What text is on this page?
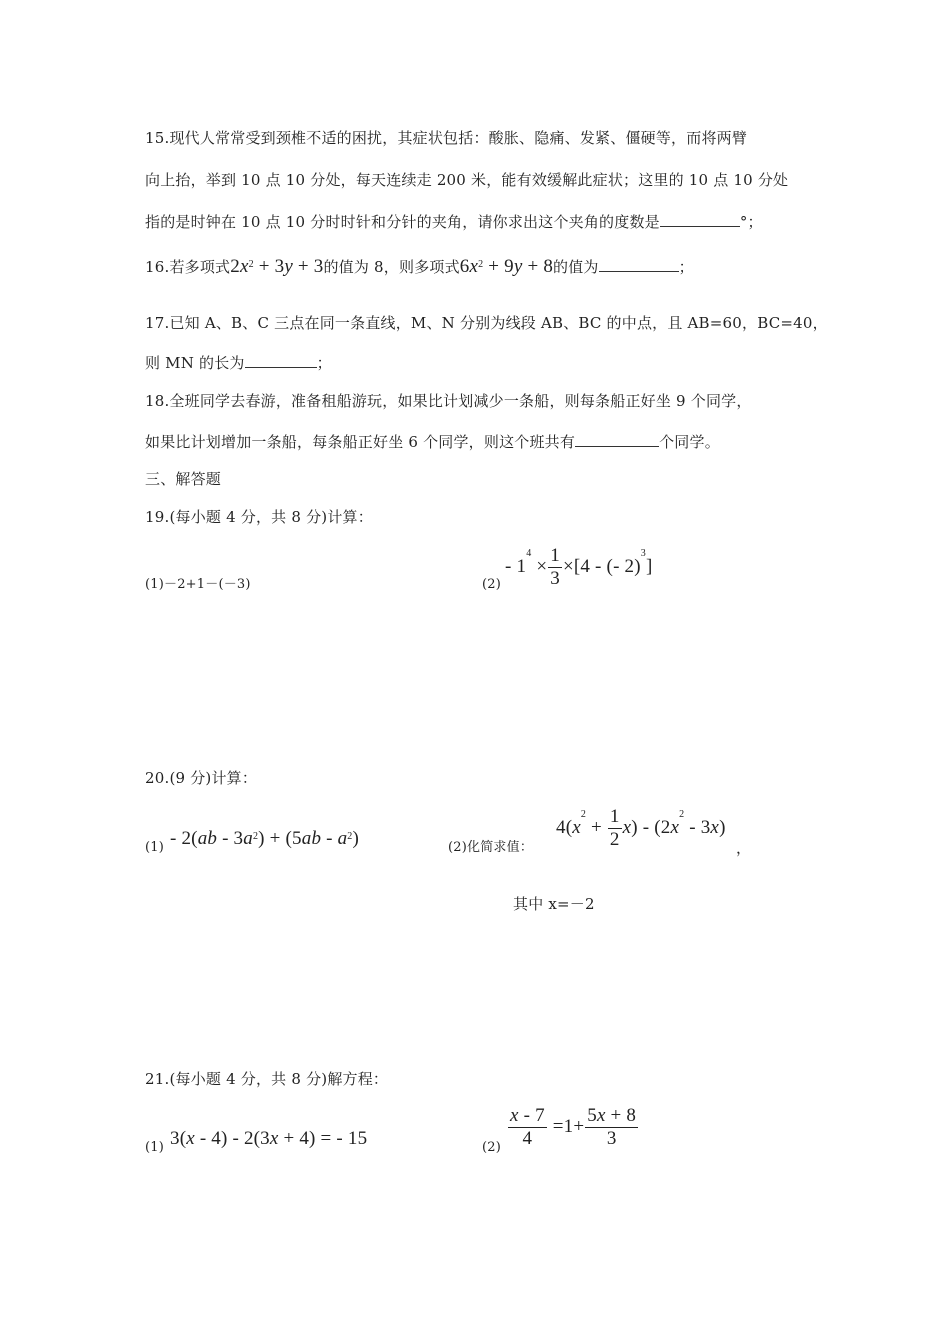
15.现代人常常受到颈椎不适的困扰，其症状包括：酸胀、隐痛、发紧、僵硬等，而将两臂
向上抬，举到 10 点 10 分处，每天连续走 200 米，能有效缓解此症状；这里的 10 点 10 分处
指的是时钟在 10 点 10 分时时针和分针的夹角，请你求出这个夹角的度数是	°；
16.若多项式$2x^2 + 3y + 3$的值为 8，则多项式$6x^2 + 9y + 8$的值为	；
17.已知 A、B、C 三点在同一条直线，M、N 分别为线段 AB、BC 的中点，且 AB=60，BC=40，
则 MN 的长为	；
18.全班同学去春游，准备租船游玩，如果比计划减少一条船，则每条船正好坐 9 个同学，
如果比计划增加一条船，每条船正好坐 6 个同学，则这个班共有	个同学。
三、解答题
19.(每小题 4 分，共 8 分)计算：
(1)－2+1－(－3)	(2)
- $1^4 \times \frac{1}{3} \times[4$ - (- 2)$^3$]
20.(9 分)计算：
$(1) - 2(ab - 3a^2) + (5ab - a^2)$	(2)化简求值：
$4(x^2 + \frac{1}{2} x) - (2x^2 - 3x)$
，
其中 x=－2
21.(每小题 4 分，共 8 分)解方程：
(1) 3(x - 4) - 2(3x + 4) = - 15	$(2) \frac{x - 7}{4} =1+ \frac{5x + 8}{3}$
